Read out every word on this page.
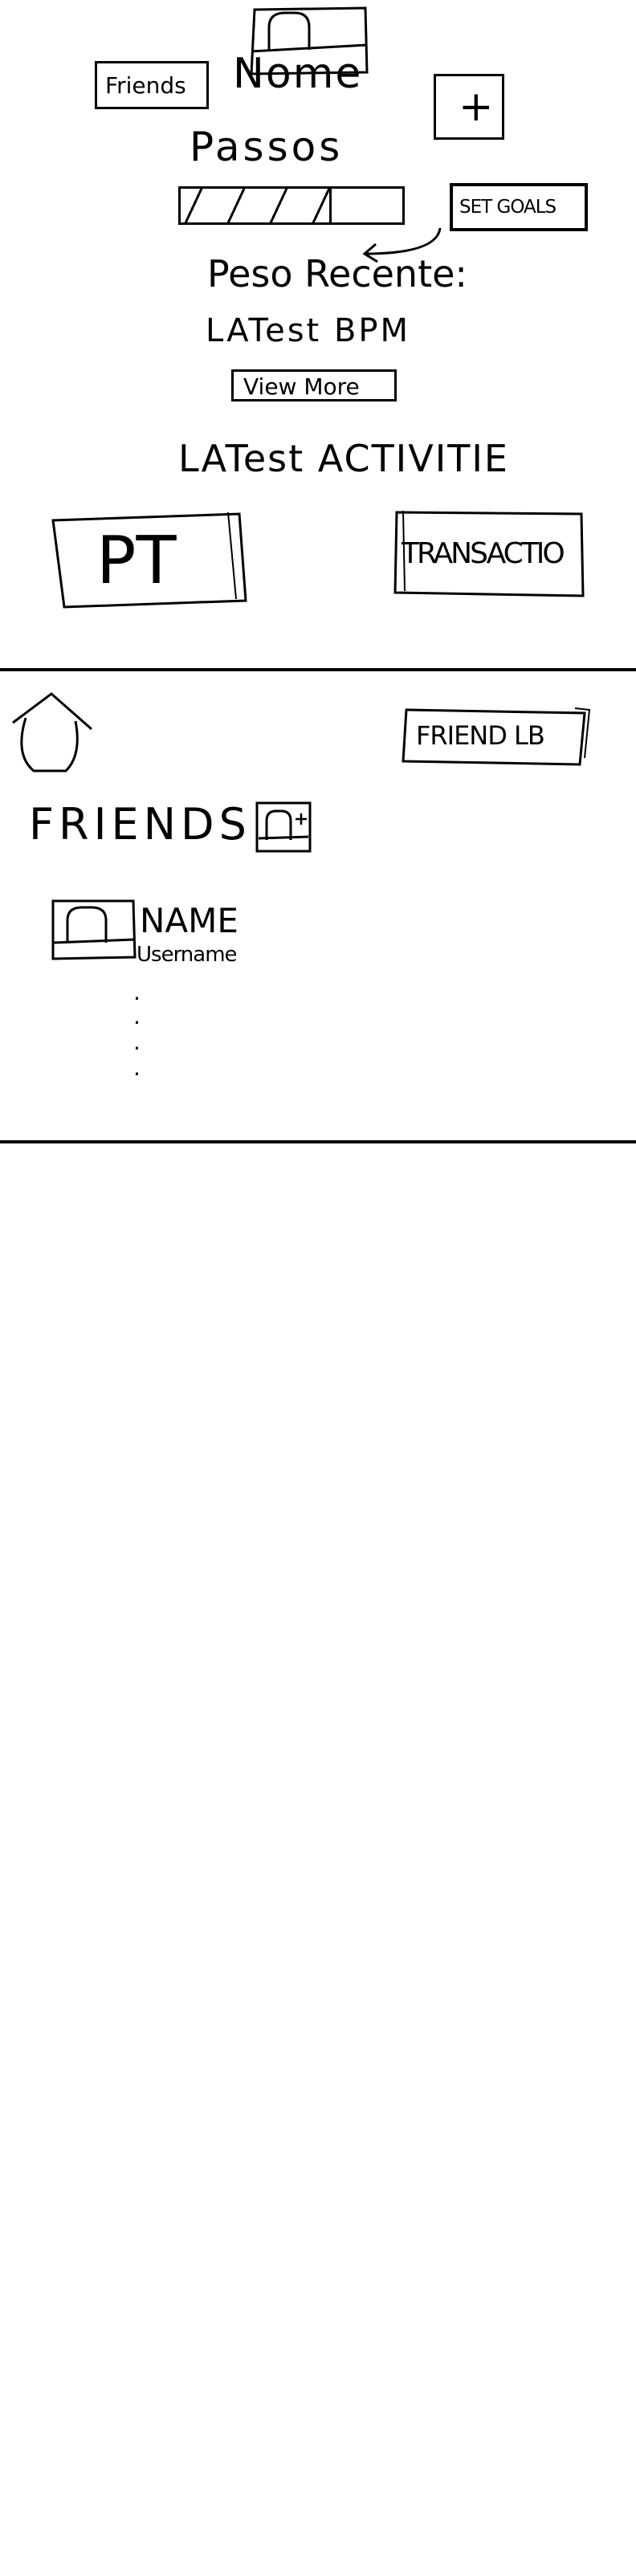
Nome
Friends	+
Passos
SET GOALS
Peso Recente:
LATest BPM
View More
LATest ACTIVITIE
PT	TRANSACTIO
FRIEND LB
FRIENDS
NAME
Username
·
·
·
·
